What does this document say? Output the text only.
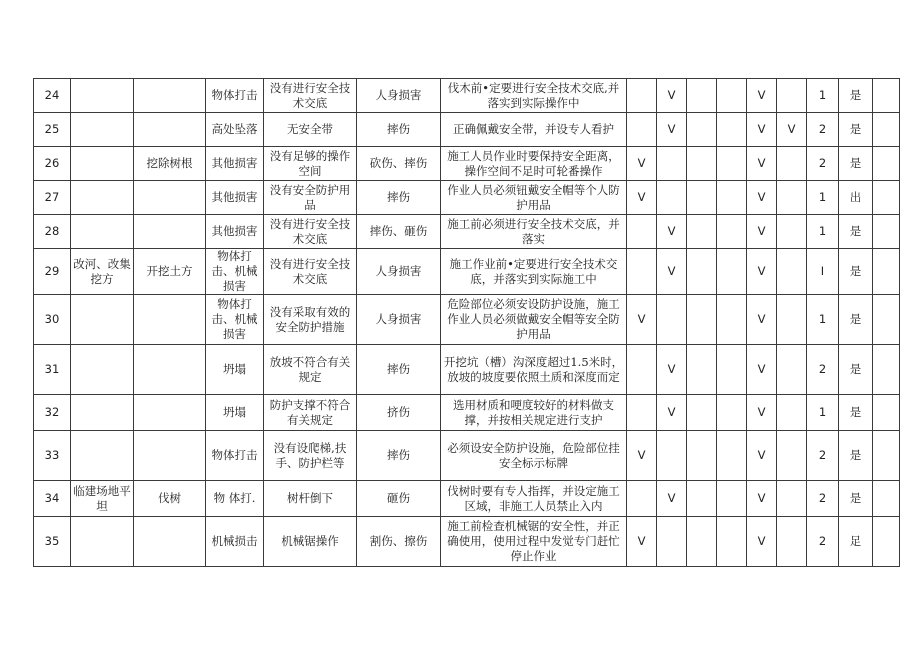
24			物体打击	没有进行安全技术交底	人身损害	伐木前•定要进行安全技术交底,并落实到实际操作中		V			V		1	是	
25			高处坠落	无安全带	摔伤	正确佩戴安全带，并设专人看护		V			V	V	2	是	
26		挖除树根	其他损害	没有足够的操作空间	砍伤、摔伤	施工人员作业时要保持安全距离，操作空间不足时可轮番操作	V				V		2	是	
27			其他损害	没有安全防护用品	摔伤	作业人员必须钮戴安全帽等个人防护用品	V				V		1	出	
28			其他损害	没有进行安全技术交底	摔伤、砸伤	施工前必须进行安全技术交底，并落实		V			V		1	是	
29	改河、改集挖方	开挖土方	物体打击、机械损害	没有进行安全技术交底	人身损害	施工作业前•定要进行安全技术交底，并落实到实际施工中		V			V		I	是	
30			物体打击、机械损害	没有采取有效的安全防护措施	人身损害	危险部位必须安设防护设施，施工作业人员必须做戴安全帽等安全防护用品	V				V		1	是	
31			坍塌	放坡不符合有关规定	摔伤	开挖坑（槽）沟深度超过1.5米时，放坡的坡度要依照土质和深度而定		V			V		2	是	
32			坍塌	防护支撑不符合有关规定	挤伤	选用材质和哽度较好的材料做支撑，并按相关规定进行支护		V			V		1	是	
33			物体打击	没有设爬梯,扶手、防护栏等	摔伤	必须设安全防护设施，危险部位挂安全标示标牌	V				V		2	是	
34	临建场地平坦	伐树	物 体打.	树杆倒下	砸伤	伐树时要有专人指挥，并设定施工区域，非施工人员禁止入内		V			V		2	是	
35			机械损击	机械锯操作	割伤、擦伤	施工前检查机械锯的安全性，并正确使用，使用过程中发觉专门赶忙停止作业	V				V		2	足	
